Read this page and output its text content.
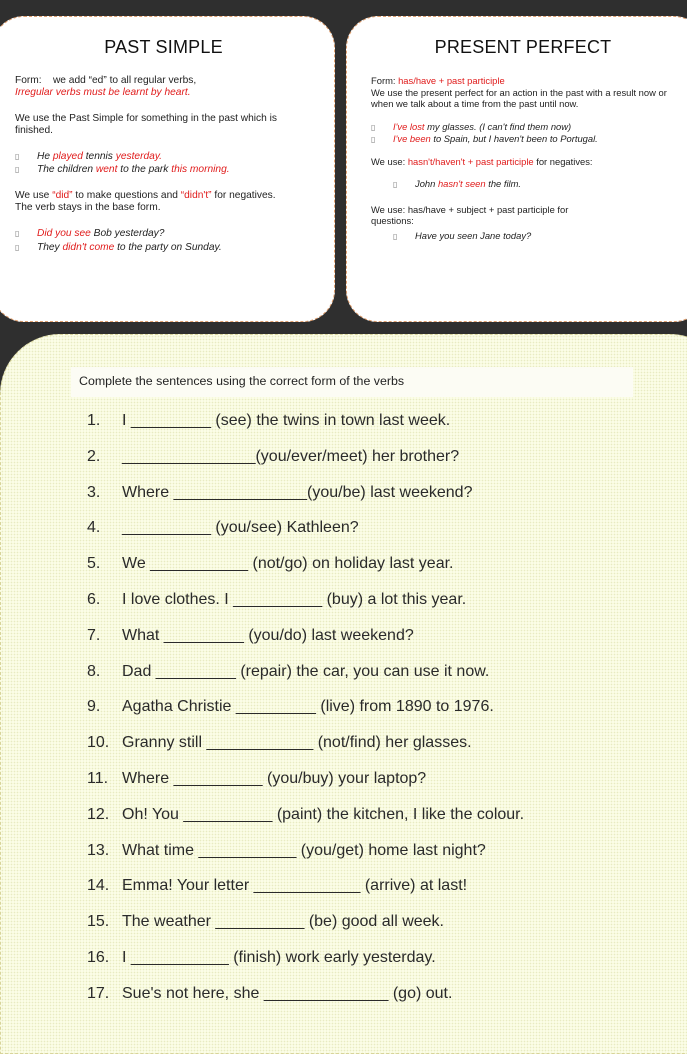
PAST SIMPLE

Form: we add “ed” to all regular verbs,
Irregular verbs must be learnt by heart.

We use the Past Simple for something in the past which is finished.

▯ He played tennis yesterday.

▯ The children went to the park this morning.

We use “did” to make questions and “didn't” for negatives.
The verb stays in the base form.

▯ Did you see Bob yesterday?

▯ They didn't come to the party on Sunday.

PRESENT PERFECT

Form: has/have + past participle
We use the present perfect for an action in the past with a result now or when we talk about a time from the past until now.

▯ I've lost my glasses. (I can't find them now)

▯ I've been to Spain, but I haven't been to Portugal.

We use: hasn't/haven't + past participle for negatives:

▯ John hasn't seen the film.

We use: has/have + subject + past participle for questions:

▯ Have you seen Jane today?

Complete the sentences using the correct form of the verbs
1. I _________ (see) the twins in town last week.
2. _______________(you/ever/meet) her brother?
3. Where _______________(you/be) last weekend?
4. __________ (you/see) Kathleen?
5. We ___________ (not/go) on holiday last year.
6. I love clothes. I __________ (buy) a lot this year.
7. What _________ (you/do) last weekend?
8. Dad _________ (repair) the car, you can use it now.
9. Agatha Christie _________ (live) from 1890 to 1976.
10. Granny still ____________ (not/find) her glasses.
11. Where __________ (you/buy) your laptop?
12. Oh! You __________ (paint) the kitchen, I like the colour.
13. What time ___________ (you/get) home last night?
14. Emma! Your letter ____________ (arrive) at last!
15. The weather __________ (be) good all week.
16. I ___________ (finish) work early yesterday.
17. Sue's not here, she ______________ (go) out.
